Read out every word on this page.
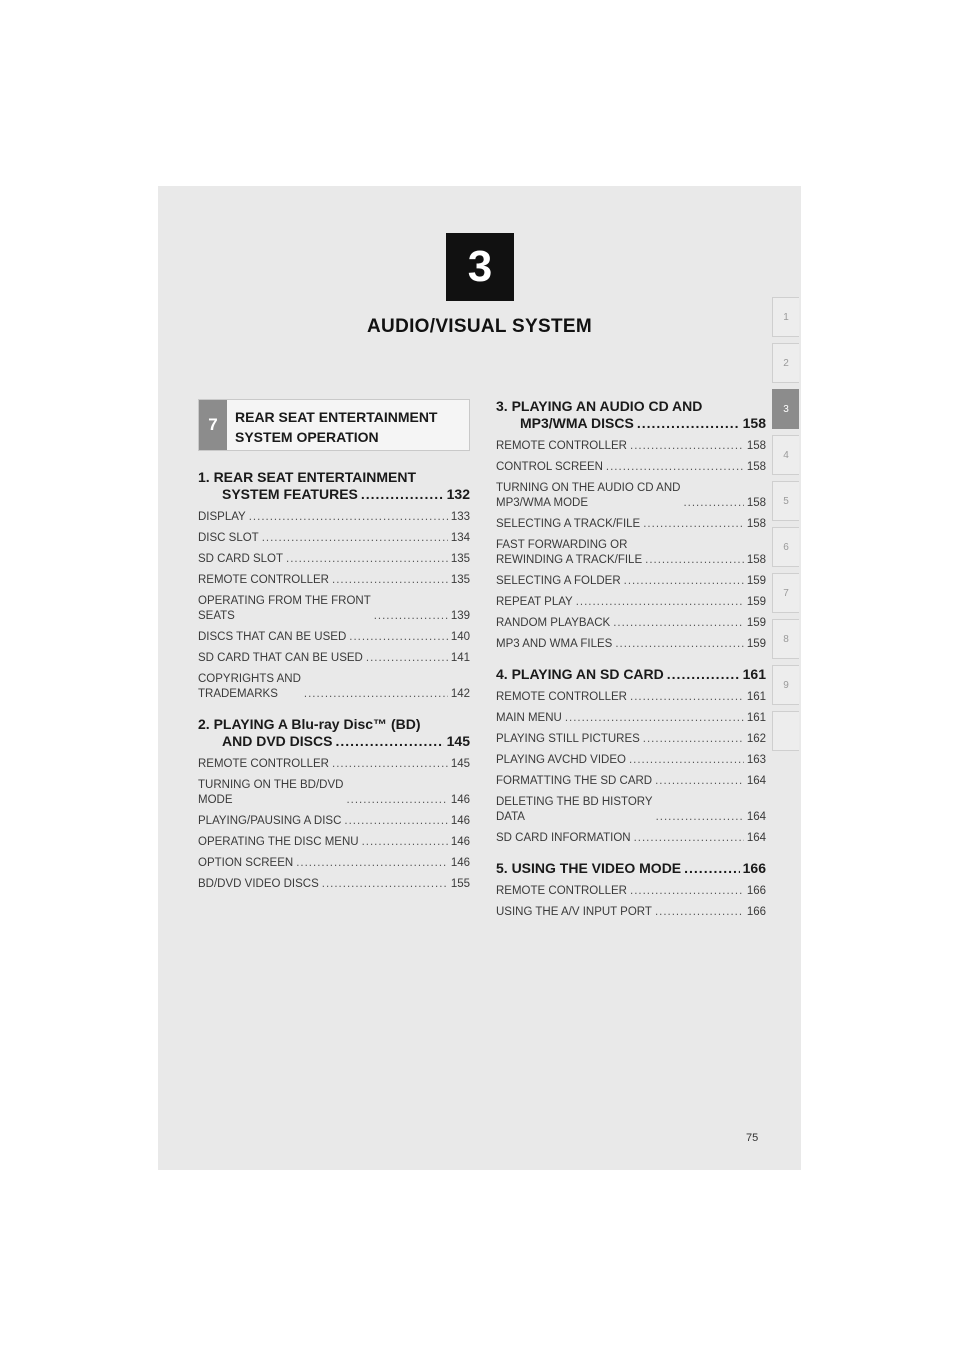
3
AUDIO/VISUAL SYSTEM	1
2
3
4
5
6
7
8
9
7	REAR SEAT ENTERTAINMENT
SYSTEM OPERATION
1. REAR SEAT ENTERTAINMENT
SYSTEM FEATURES .....	132
DISPLAY .....	133
DISC SLOT .....	134
SD CARD SLOT .....	135
REMOTE CONTROLLER .....	135
OPERATING FROM THE FRONT
SEATS .....	139
DISCS THAT CAN BE USED .....	140
SD CARD THAT CAN BE USED .....	141
COPYRIGHTS AND
TRADEMARKS .....	142
2. PLAYING A Blu-ray Disc™ (BD)
AND DVD DISCS .....	145
REMOTE CONTROLLER .....	145
TURNING ON THE BD/DVD
MODE .....	146
PLAYING/PAUSING A DISC .....	146
OPERATING THE DISC MENU .....	146
OPTION SCREEN .....	146
BD/DVD VIDEO DISCS .....	155
3. PLAYING AN AUDIO CD AND
MP3/WMA DISCS .....	158
REMOTE CONTROLLER .....	158
CONTROL SCREEN .....	158
TURNING ON THE AUDIO CD AND
MP3/WMA MODE .....	158
SELECTING A TRACK/FILE .....	158
FAST FORWARDING OR
REWINDING A TRACK/FILE .....	158
SELECTING A FOLDER .....	159
REPEAT PLAY .....	159
RANDOM PLAYBACK .....	159
MP3 AND WMA FILES .....	159
4. PLAYING AN SD CARD .....	161
REMOTE CONTROLLER .....	161
MAIN MENU .....	161
PLAYING STILL PICTURES .....	162
PLAYING AVCHD VIDEO .....	163
FORMATTING THE SD CARD .....	164
DELETING THE BD HISTORY
DATA .....	164
SD CARD INFORMATION .....	164
5. USING THE VIDEO MODE .....	166
REMOTE CONTROLLER .....	166
USING THE A/V INPUT PORT .....	166
75
